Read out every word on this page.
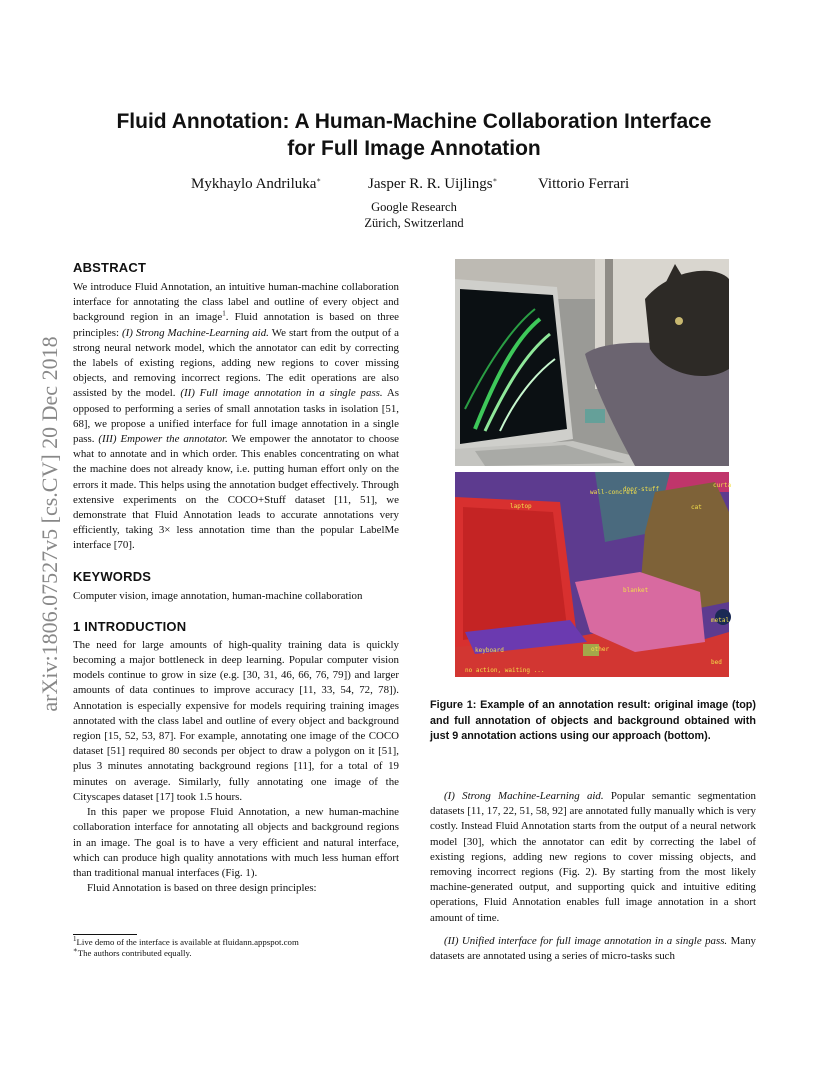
arXiv:1806.07527v5 [cs.CV] 20 Dec 2018
Fluid Annotation: A Human-Machine Collaboration Interface
for Full Image Annotation
Mykhaylo Andriluka∗	Jasper R. R. Uijlings∗	Vittorio Ferrari
Google Research
Zürich, Switzerland
ABSTRACT
We introduce Fluid Annotation, an intuitive human-machine collaboration interface for annotating the class label and outline of every object and background region in an image$^1$. Fluid annotation is based on three principles: (I) Strong Machine-Learning aid. We start from the output of a strong neural network model, which the annotator can edit by correcting the labels of existing regions, adding new regions to cover missing objects, and removing incorrect regions. The edit operations are also assisted by the model. (II) Full image annotation in a single pass. As opposed to performing a series of small annotation tasks in isolation [51, 68], we propose a unified interface for full image annotation in a single pass. (III) Empower the annotator. We empower the annotator to choose what to annotate and in which order. This enables concentrating on what the machine does not already know, i.e. putting human effort only on the errors it made. This helps using the annotation budget effectively. Through extensive experiments on the COCO+Stuff dataset [11, 51], we demonstrate that Fluid Annotation leads to accurate annotations very efficiently, taking 3× less annotation time than the popular LabelMe interface [70].
KEYWORDS
Computer vision, image annotation, human-machine collaboration
1 INTRODUCTION

The need for large amounts of high-quality training data is quickly becoming a major bottleneck in deep learning. Popular computer vision models continue to grow in size (e.g. [30, 31, 46, 66, 76, 79]) and larger amounts of data continues to improve accuracy [11, 33, 54, 72, 78]). Annotation is especially expensive for models requiring training images annotated with the class label and outline of every object and background region [15, 52, 53, 87]. For example, annotating one image of the COCO dataset [51] required 80 seconds per object to draw a polygon on it [51], plus 3 minutes annotating background regions [11], for a total of 19 minutes on average. Similarly, fully annotating one image of the Cityscapes dataset [17] took 1.5 hours.

In this paper we propose Fluid Annotation, a new human-machine collaboration interface for annotating all objects and background regions in an image. The goal is to have a very efficient and natural interface, which can produce high quality annotations with much less human effort than traditional manual interfaces (Fig. 1).

Fluid Annotation is based on three design principles:

$^1$Live demo of the interface is available at fluidann.appspot.com
∗The authors contributed equally.
wall-concrete
door-stuff
curta
laptop	cat
blanket
metal
keyboard	other
bed
no action, waiting ...
Figure 1: Example of an annotation result: original image (top) and full annotation of objects and background obtained with just 9 annotation actions using our approach (bottom).

(I) Strong Machine-Learning aid. Popular semantic segmentation datasets [11, 17, 22, 51, 58, 92] are annotated fully manually which is very costly. Instead Fluid Annotation starts from the output of a neural network model [30], which the annotator can edit by correcting the label of existing regions, adding new regions to cover missing objects, and removing incorrect regions (Fig. 2). By starting from the most likely machine-generated output, and supporting quick and intuitive editing operations, Fluid Annotation enables full image annotation in a short amount of time.

(II) Unified interface for full image annotation in a single pass. Many datasets are annotated using a series of micro-tasks such
